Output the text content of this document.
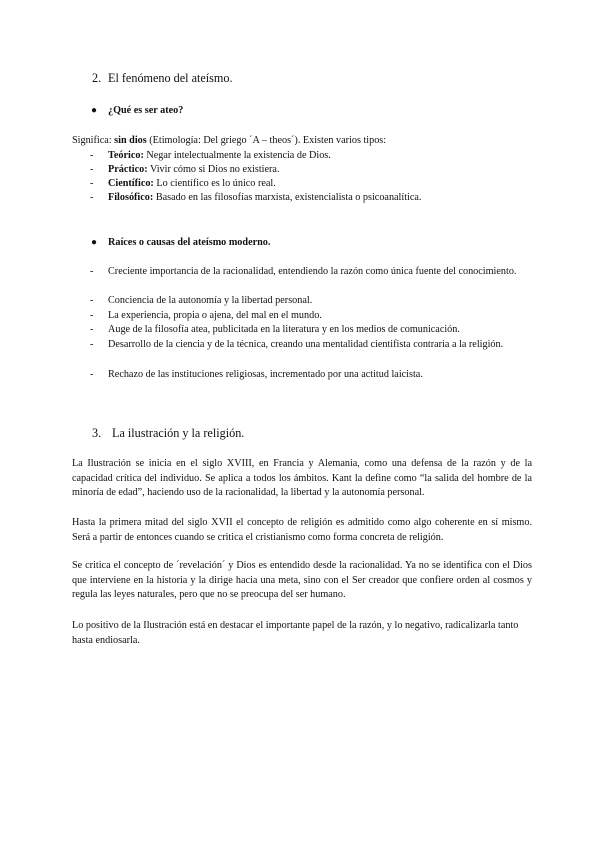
2. El fenómeno del ateísmo.
● ¿Qué es ser ateo?
Significa: sin dios (Etimología: Del griego ´A – theos´). Existen varios tipos:
- Teórico: Negar intelectualmente la existencia de Dios.
- Práctico: Vivir cómo si Dios no existiera.
- Científico: Lo científico es lo único real.
- Filosófico: Basado en las filosofías marxista, existencialista o psicoanalítica.
● Raíces o causas del ateísmo moderno.
- Creciente importancia de la racionalidad, entendiendo la razón como única fuente del conocimiento.
- Conciencia de la autonomía y la libertad personal.
- La experiencia, propia o ajena, del mal en el mundo.
- Auge de la filosofía atea, publicitada en la literatura y en los medios de comunicación.
- Desarrollo de la ciencia y de la técnica, creando una mentalidad cientifista contraria a la religión.
- Rechazo de las instituciones religiosas, incrementado por una actitud laicista.
3. La ilustración y la religión.
La Ilustración se inicia en el siglo XVIII, en Francia y Alemania, como una defensa de la razón y de la capacidad crítica del individuo. Se aplica a todos los ámbitos. Kant la define como “la salida del hombre de la minoría de edad”, haciendo uso de la racionalidad, la libertad y la autonomía personal.
Hasta la primera mitad del siglo XVII el concepto de religión es admitido como algo coherente en sí mismo. Será a partir de entonces cuando se critica el cristianismo como forma concreta de religión.
Se critica el concepto de ´revelación´ y Dios es entendido desde la racionalidad. Ya no se identifica con el Dios que interviene en la historia y la dirige hacia una meta, sino con el Ser creador que confiere orden al cosmos y regula las leyes naturales, pero que no se preocupa del ser humano.
Lo positivo de la Ilustración está en destacar el importante papel de la razón, y lo negativo, radicalizarla tanto hasta endiosarla.
